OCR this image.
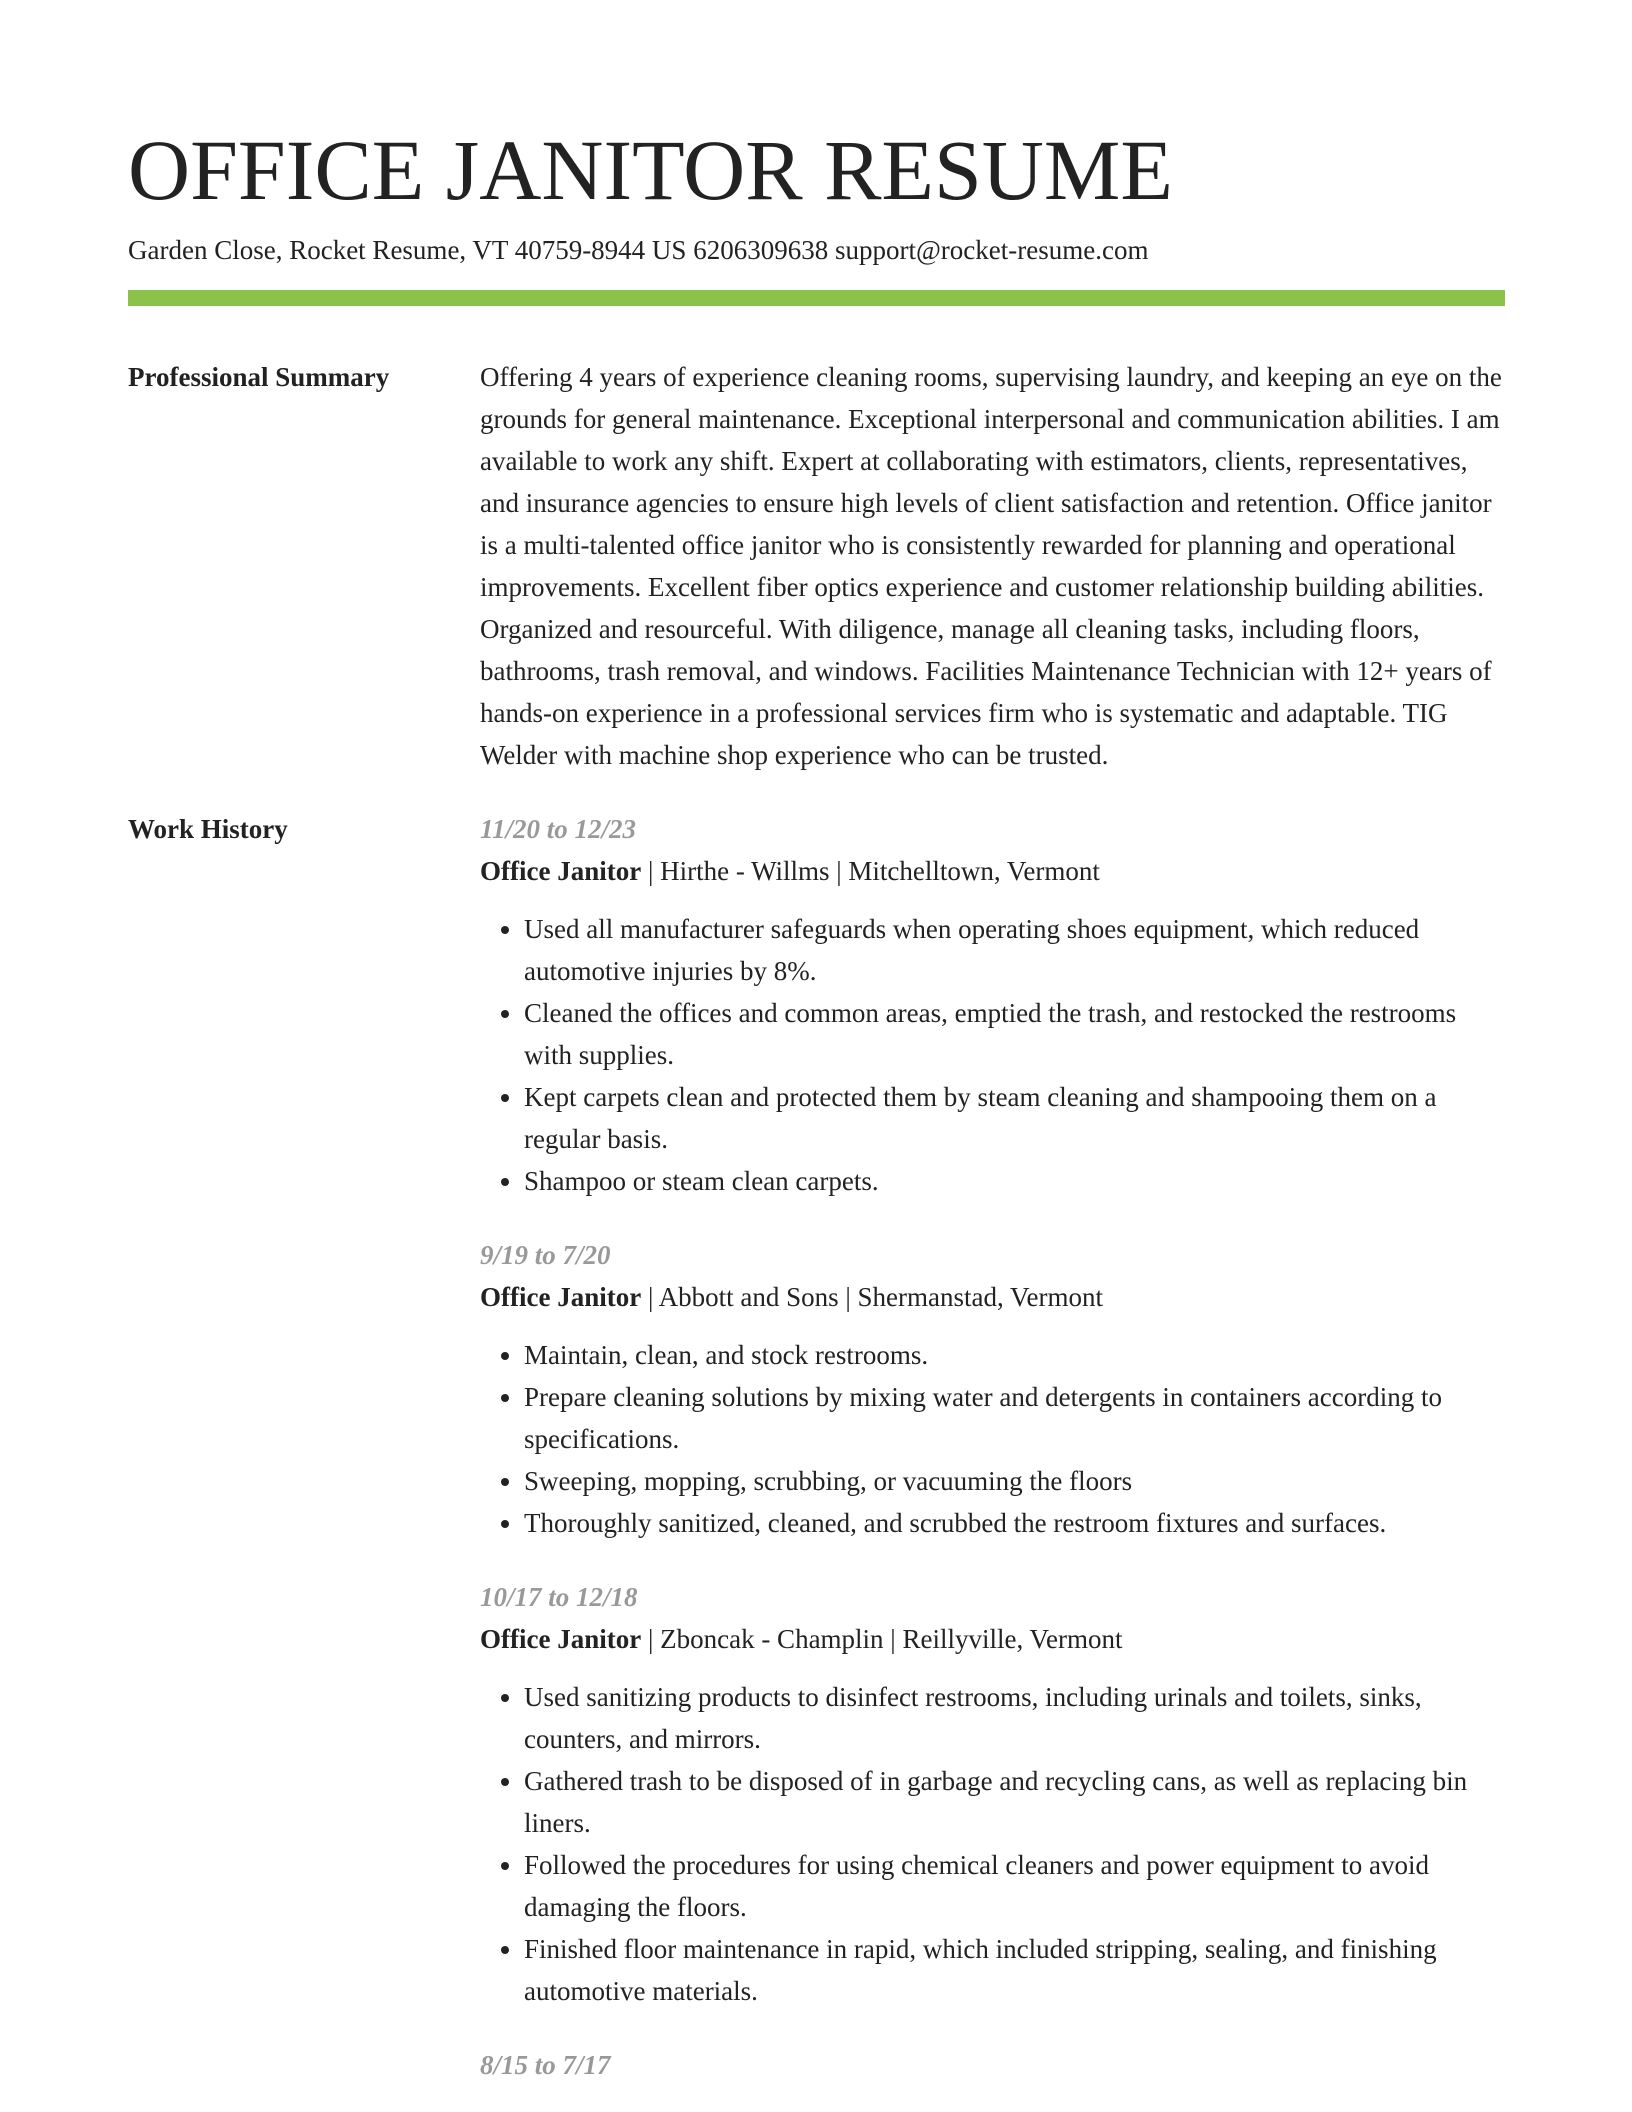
OFFICE JANITOR RESUME
Garden Close, Rocket Resume, VT 40759-8944 US 6206309638 support@rocket-resume.com
Professional Summary	Offering 4 years of experience cleaning rooms, supervising laundry, and keeping an eye on the grounds for general maintenance. Exceptional interpersonal and communication abilities. I am available to work any shift. Expert at collaborating with estimators, clients, representatives, and insurance agencies to ensure high levels of client satisfaction and retention. Office janitor is a multi-talented office janitor who is consistently rewarded for planning and operational improvements. Excellent fiber optics experience and customer relationship building abilities. Organized and resourceful. With diligence, manage all cleaning tasks, including floors, bathrooms, trash removal, and windows. Facilities Maintenance Technician with 12+ years of hands-on experience in a professional services firm who is systematic and adaptable. TIG Welder with machine shop experience who can be trusted.

Work History	11/20 to 12/23
Office Janitor | Hirthe - Willms | Mitchelltown, Vermont
• Used all manufacturer safeguards when operating shoes equipment, which reduced automotive injuries by 8%.
• Cleaned the offices and common areas, emptied the trash, and restocked the restrooms with supplies.
• Kept carpets clean and protected them by steam cleaning and shampooing them on a regular basis.
• Shampoo or steam clean carpets.
9/19 to 7/20
Office Janitor | Abbott and Sons | Shermanstad, Vermont
• Maintain, clean, and stock restrooms.
• Prepare cleaning solutions by mixing water and detergents in containers according to specifications.
• Sweeping, mopping, scrubbing, or vacuuming the floors
• Thoroughly sanitized, cleaned, and scrubbed the restroom fixtures and surfaces.
10/17 to 12/18
Office Janitor | Zboncak - Champlin | Reillyville, Vermont
• Used sanitizing products to disinfect restrooms, including urinals and toilets, sinks, counters, and mirrors.
• Gathered trash to be disposed of in garbage and recycling cans, as well as replacing bin liners.
• Followed the procedures for using chemical cleaners and power equipment to avoid damaging the floors.
• Finished floor maintenance in rapid, which included stripping, sealing, and finishing automotive materials.
8/15 to 7/17
